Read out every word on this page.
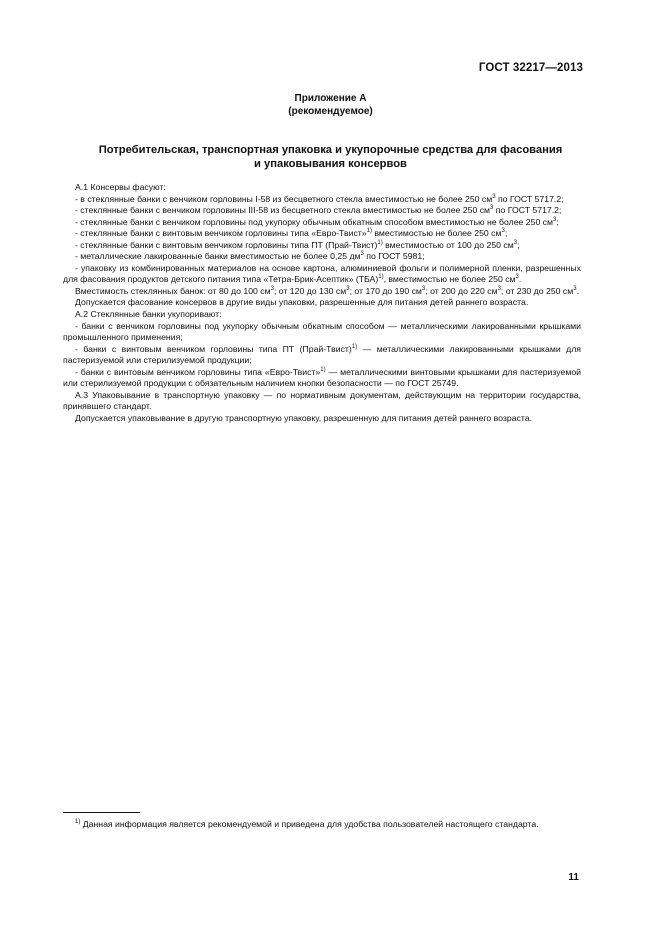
ГОСТ 32217—2013
Приложение А
(рекомендуемое)
Потребительская, транспортная упаковка и укупорочные средства для фасования
и упаковывания консервов

А.1 Консервы фасуют:

- в стеклянные банки с венчиком горловины I-58 из бесцветного стекла вместимостью не более 250 $см^3$ по ГОСТ 5717.2;

- стеклянные банки с венчиком горловины III-58 из бесцветного стекла вместимостью не более 250 $см^3$ по ГОСТ 5717.2;

- стеклянные банки с венчиком горловины под укупорку обычным обкатным способом вместимостью не более 250 $см^3$;

- стеклянные банки с винтовым венчиком горловины типа «Евро-Твист»$^{1)}$ вместимостью не более 250 $см^3$;

- стеклянные банки с винтовым венчиком горловины типа ПТ (Прай-Твист)$^{1)}$ вместимостью от 100 до 250 $см^3$;

- металлические лакированные банки вместимостью не более 0,25 $дм^3$ по ГОСТ 5981;

- упаковку из комбинированных материалов на основе картона, алюминиевой фольги и полимерной пленки, разрешенных для фасования продуктов детского питания типа «Тетра-Брик-Асептик» (ТБА)$^{1)}$, вместимостью не более 250 $см^3$.

Вместимость стеклянных банок: от 80 до 100 $см^3$; от 120 до 130 $см^3$; от 170 до 190 $см^3$; от 200 до 220 $см^3$; от 230 до 250 $см^3$.

Допускается фасование консервов в другие виды упаковки, разрешенные для питания детей раннего возраста.

А.2 Стеклянные банки укупоривают:

- банки с венчиком горловины под укупорку обычным обкатным способом — металлическими лакированными крышками промышленного применения;

- банки с винтовым венчиком горловины типа ПТ (Прай-Твист)$^{1)}$ — металлическими лакированными крышками для пастеризуемой или стерилизуемой продукции;

- банки с винтовым венчиком горловины типа «Евро-Твист»$^{1)}$ — металлическими винтовыми крышками для пастеризуемой или стерилизуемой продукции с обязательным наличием кнопки безопасности — по ГОСТ 25749.

А.3 Упаковывание в транспортную упаковку — по нормативным документам, действующим на территории государства, принявшего стандарт.

Допускается упаковывание в другую транспортную упаковку, разрешенную для питания детей раннего возраста.

$^{1)}$ Данная информация является рекомендуемой и приведена для удобства пользователей настоящего стандарта.
11
